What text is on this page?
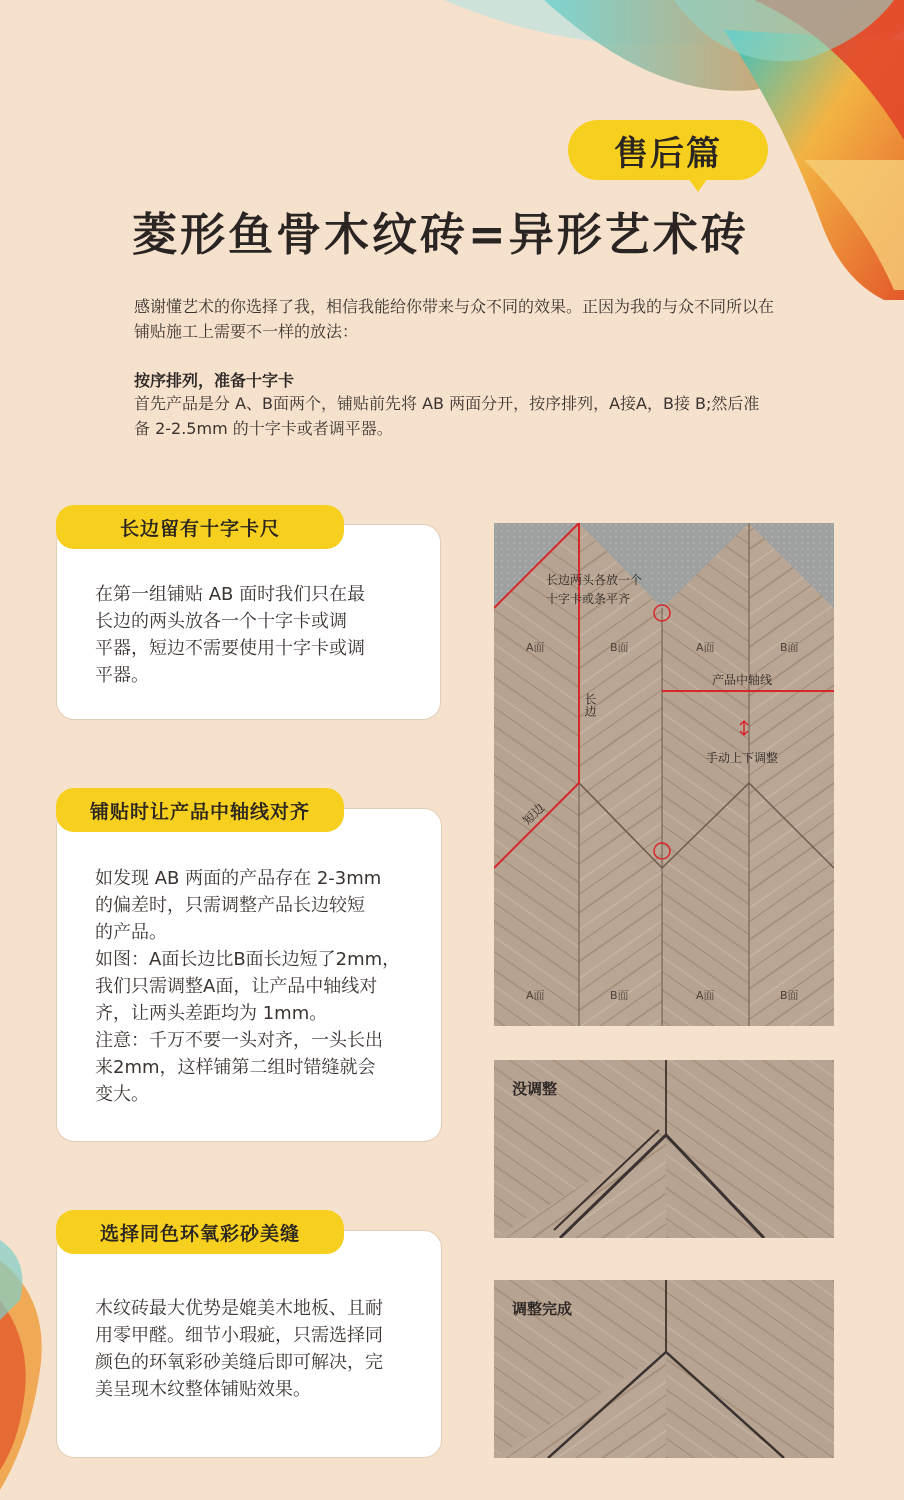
售后篇
菱形鱼骨木纹砖=异形艺术砖
感谢懂艺术的你选择了我，相信我能给你带来与众不同的效果。正因为我的与众不同所以在铺贴施工上需要不一样的放法：
按序排列，准备十字卡
首先产品是分 A、B面两个，铺贴前先将 AB 两面分开，按序排列，A接A，B接 B;然后准备 2-2.5mm 的十字卡或者调平器。
在第一组铺贴 AB 面时我们只在最
长边的两头放各一个十字卡或调
平器，短边不需要使用十字卡或调
平器。
长边留有十字卡尺
如发现 AB 两面的产品存在 2-3mm
的偏差时，只需调整产品长边较短
的产品。
如图：A面长边比B面长边短了2mm，
我们只需调整A面，让产品中轴线对
齐，让两头差距均为 1mm。
注意：千万不要一头对齐，一头长出
来2mm，这样铺第二组时错缝就会
变大。
铺贴时让产品中轴线对齐
木纹砖最大优势是媲美木地板、且耐
用零甲醛。细节小瑕疵，只需选择同
颜色的环氧彩砂美缝后即可解决，完
美呈现木纹整体铺贴效果。
选择同色环氧彩砂美缝
长边两头各放一个
十字卡或条平齐
产品中轴线
手动上下调整
长边
短边
A面	B面	A面	B面
A面	B面	A面	B面
没调整
调整完成
